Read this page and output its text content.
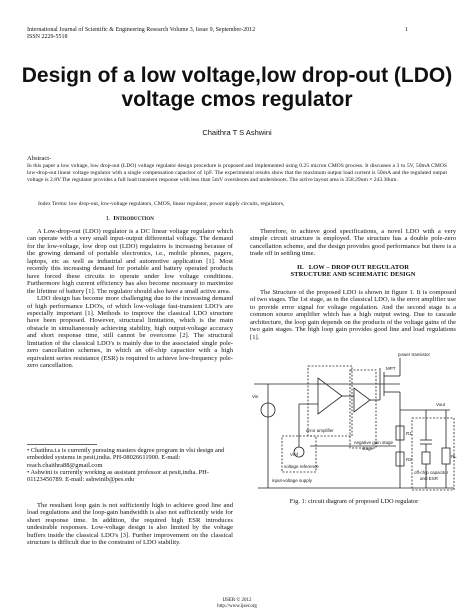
International Journal of Scientific & Engineering Research Volume 3, Issue 9, September-2012
ISSN 2229-5518
1
Design of a low voltage,low drop-out (LDO)
voltage cmos regulator
Chaithra T S Ashwini
Abstract-
In this paper a low voltage, low drop-out (LDO) voltage regulator design procedure is proposed and implemented using 0.25 micron CMOS process. It discusses a 3 to 5V, 50mA CMOS low-drop-out linear voltage regulator with a single compensation capacitor of 1pF. The experimental results show that the maximum output load current is 50mA and the regulated output voltage is 2.8V.The regulator provides a full load transient response with less than 5mV overshoots and undershoots. The active layout area is 358.29um × 243.30um.
Index Terms: low drop-out, low-voltage regulators, CMOS, linear regulator, power supply circuits, regulators,
I. Introduction

A Low-drop-out (LDO) regulator is a DC linear voltage regulator which can operate with a very small input-output differential voltage. The demand for the low-voltage, low drop out (LDO) regulators is increasing because of the growing demand of portable electronics, i.e., mobile phones, pagers, laptops, etc as well as industrial and automotive application [1]. Most recently this increasing demand for portable and battery operated products have forced these circuits to operate under low voltage conditions. Furthermore high current efficiency has also become necessary to maximize the lifetime of battery [1]. The regulator should also have a small active area.

LDO design has become more challenging due to the increasing demand of high performance LDO's, of which low-voltage fast-transient LDO's are especially important [1]. Methods to improve the classical LDO structure have been proposed. However, structural limitation, which is the main obstacle in simultaneously achieving stability, high output-voltage accuracy and short response time, still cannot be overcome [2]. The structural limitation of the classical LDO's is mainly due to the associated single pole-zero cancellation schemes, in which an off-chip capacitor with a high equivalent series resistance (ESR) is required to achieve low-frequency pole-zero cancellation.

• Chaithra.t.s is currently pursuing masters degree program in vlsi design and embedded systems in pesit,india. PH-08026611900. E-mail: reach.chaithra88@gmail.com
• Ashwini is currently working as assistant professor at pesit,india. PH-01123456789. E-mail: ashwinib@pes.edu

The resultant loop gain is not sufficiently high to achieve good line and load regulations and the loop-gain bandwidth is also not sufficiently wide for short response time. In addition, the required high ESR introduces undesirable responses. Low-voltage design is also limited by the voltage buffers inside the classical LDO's [3]. Further improvement on the classical structure is difficult due to the constraint of LDO stability.

Therefore, to achieve good specifications, a novel LDO with a very simple circuit structure is employed. The structure has a double pole-zero cancellation scheme, and the design provides good performance but there is a trade off in settling time.

II. LOW – DROP OUT REGULATOR
STRUCTURE AND SCHEMATIC DESIGN

The Structure of the proposed LDO is shown in figure 1. It is composed of two stages. The 1st stage, as in the classical LDO, is the error amplifier use to provide error signal for voltage regulation. And the second stage is a common source amplifier which has a high output swing. Due to cascade architecture, the loop gain depends on the products of the voltage gains of the two gain stages. The high loop gain provides good line and load regulations [1].

power transistor
MPT
Vin
Vout
error amplifier
negative gain stage
stage
voltage reference
Vref
input-voltage supply
R1
R2
RL
off-chip capacitor
and ESR
Fig. 1: circuit diagram of proposed LDO regulator
IJSER © 2012
http://www.ijser.org
